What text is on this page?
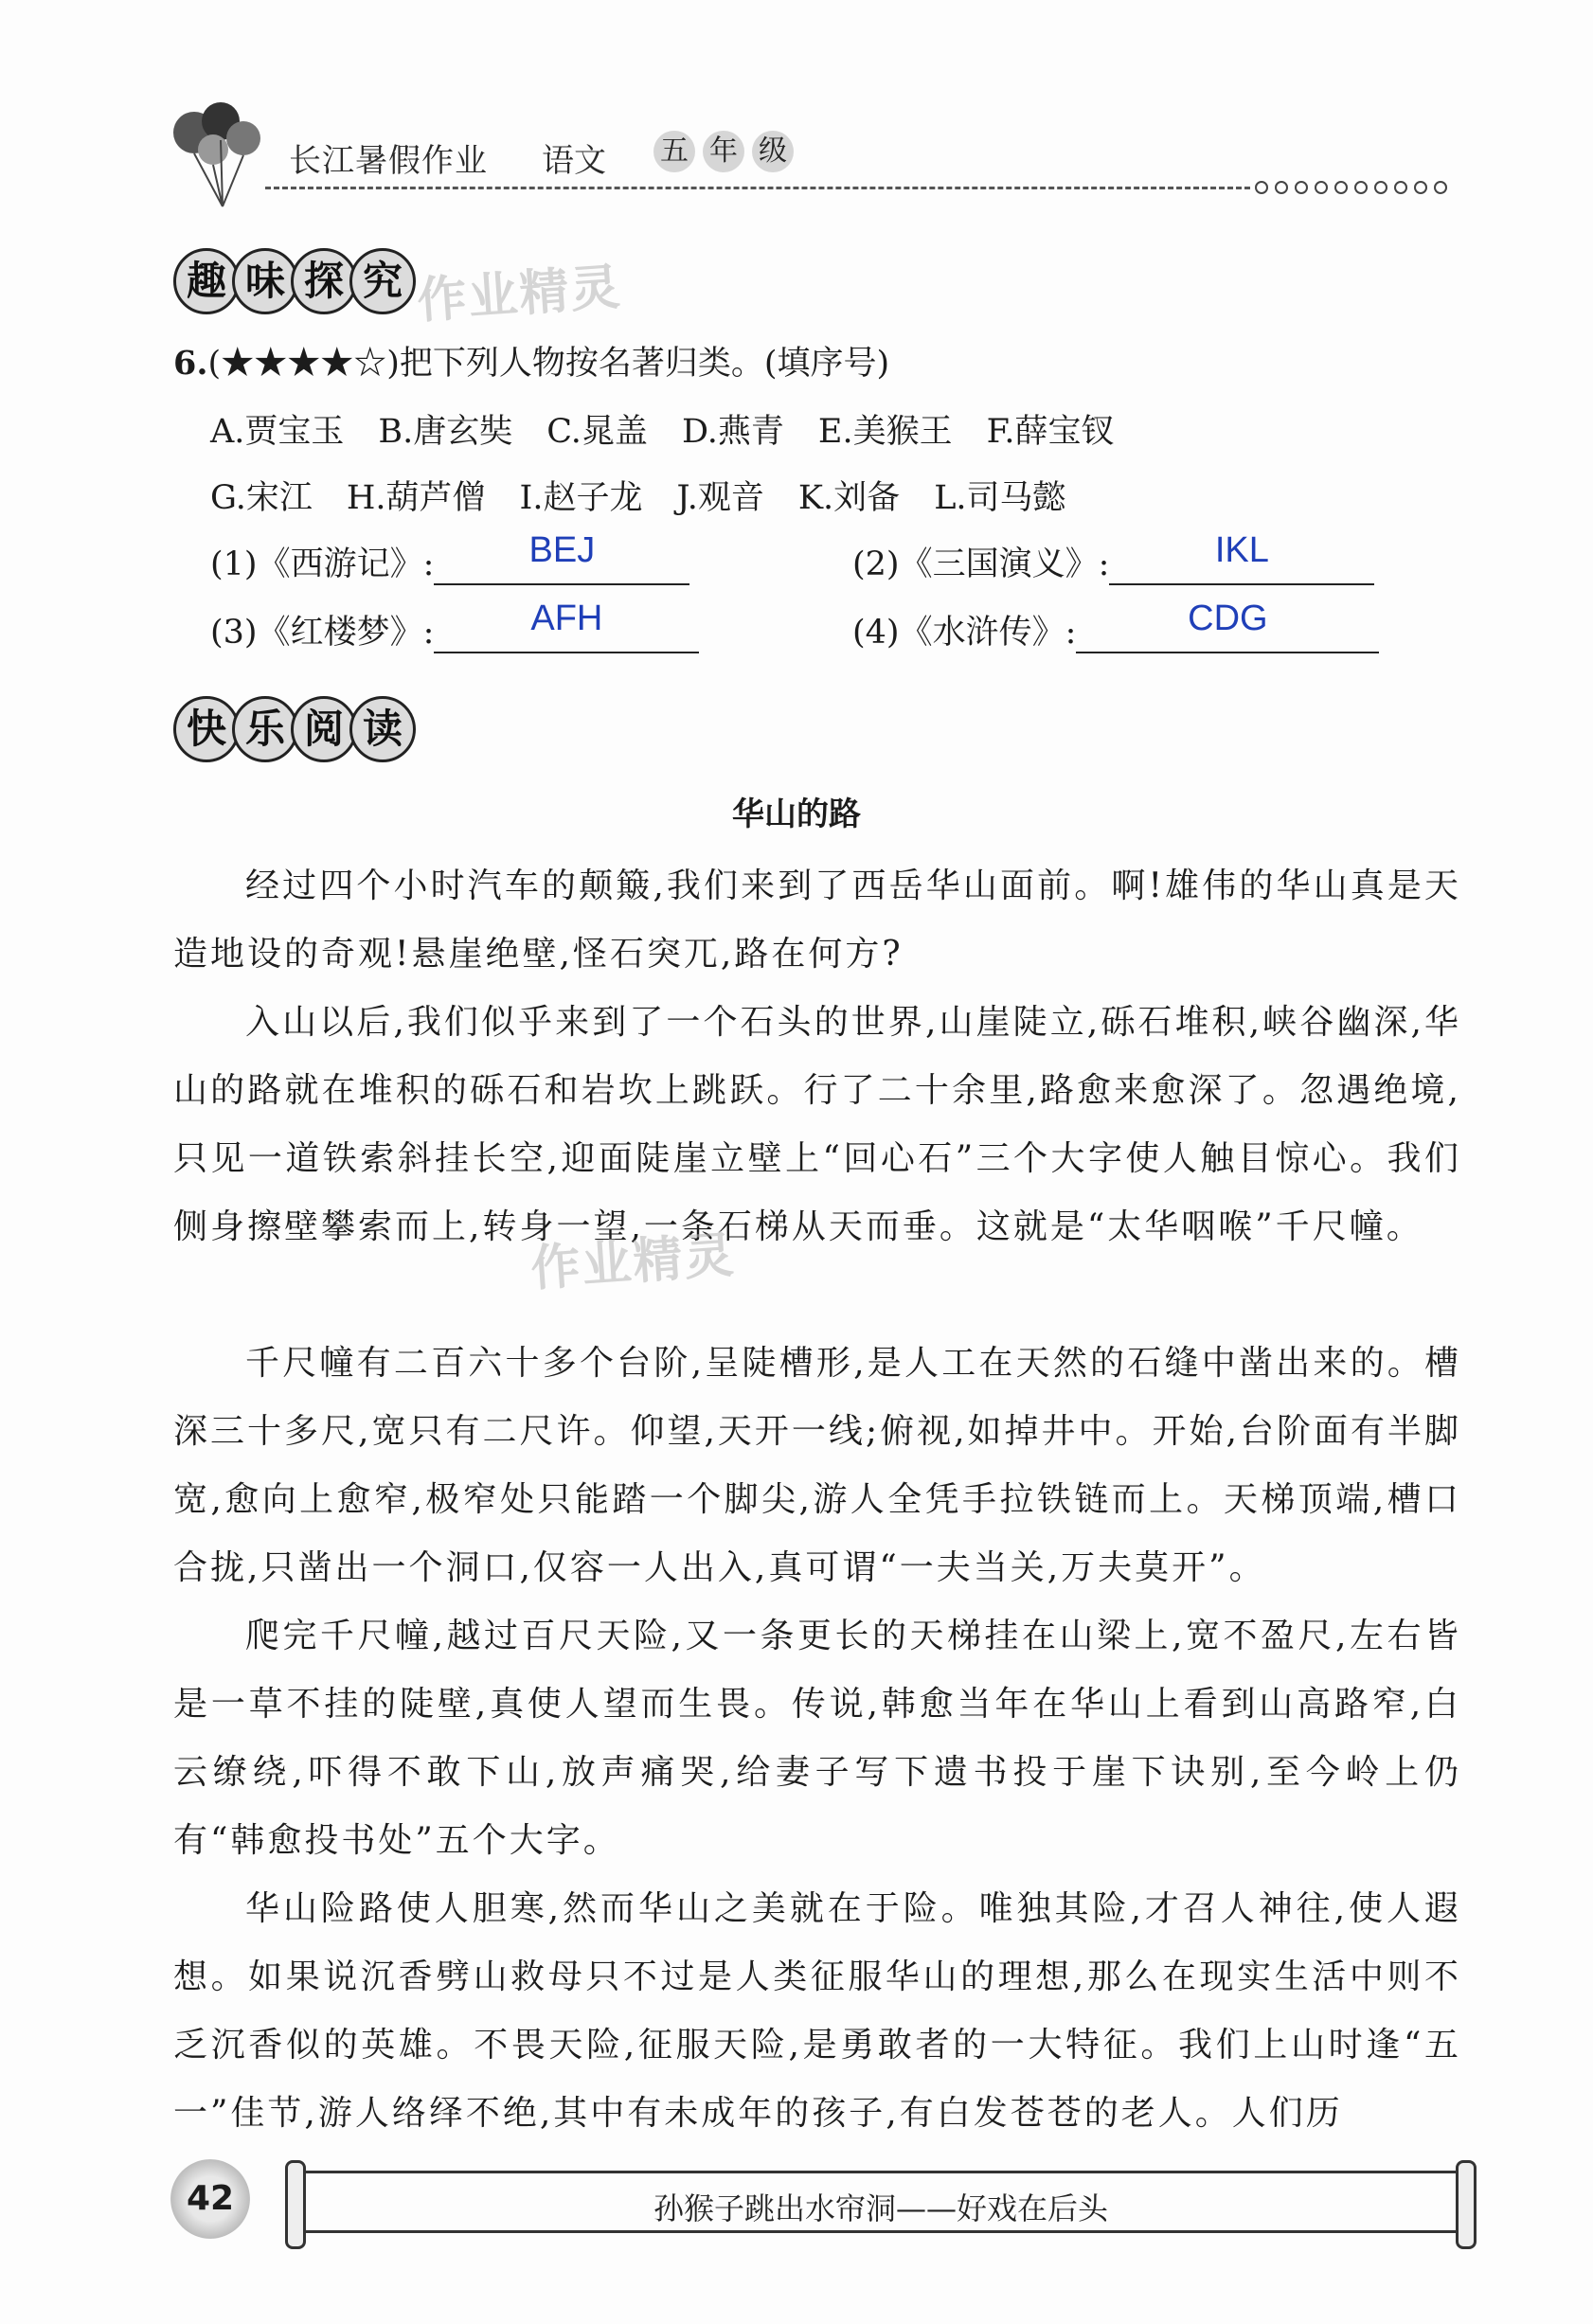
长江暑假作业 语文 五 年 级
趣 味 探 究 作业精灵
6.(★★★★☆)把下列人物按名著归类。(填序号)
A.贾宝玉 B.唐玄奘 C.晁盖 D.燕青 E.美猴王 F.薛宝钗
G.宋江 H.葫芦僧 I.赵子龙 J.观音 K.刘备 L.司马懿
(1)《西游记》:	BEJ	(2)《三国演义》:	IKL
(3)《红楼梦》:	AFH	(4)《水浒传》:	CDG
快 乐 阅 读
华山的路
经过四个小时汽车的颠簸,我们来到了西岳华山面前。啊!雄伟的华山真是天造地设的奇观!悬崖绝壁,怪石突兀,路在何方?
入山以后,我们似乎来到了一个石头的世界,山崖陡立,砾石堆积,峡谷幽深,华山的路就在堆积的砾石和岩坎上跳跃。行了二十余里,路愈来愈深了。忽遇绝境,只见一道铁索斜挂长空,迎面陡崖立壁上“回心石”三个大字使人触目惊心。我们侧身擦壁攀索而上,转身一望,一条石梯从天而垂。这就是“太华咽喉”千尺幢。
千尺幢有二百六十多个台阶,呈陡槽形,是人工在天然的石缝中凿出来的。槽深三十多尺,宽只有二尺许。仰望,天开一线;俯视,如掉井中。开始,台阶面有半脚宽,愈向上愈窄,极窄处只能踏一个脚尖,游人全凭手拉铁链而上。天梯顶端,槽口合拢,只凿出一个洞口,仅容一人出入,真可谓“一夫当关,万夫莫开”。
爬完千尺幢,越过百尺天险,又一条更长的天梯挂在山梁上,宽不盈尺,左右皆是一草不挂的陡壁,真使人望而生畏。传说,韩愈当年在华山上看到山高路窄,白云缭绕,吓得不敢下山,放声痛哭,给妻子写下遗书投于崖下诀别,至今岭上仍有“韩愈投书处”五个大字。
华山险路使人胆寒,然而华山之美就在于险。唯独其险,才召人神往,使人遐想。如果说沉香劈山救母只不过是人类征服华山的理想,那么在现实生活中则不乏沉香似的英雄。不畏天险,征服天险,是勇敢者的一大特征。我们上山时逢“五一”佳节,游人络绎不绝,其中有未成年的孩子,有白发苍苍的老人。人们历
作业精灵
42	孙猴子跳出水帘洞——好戏在后头
